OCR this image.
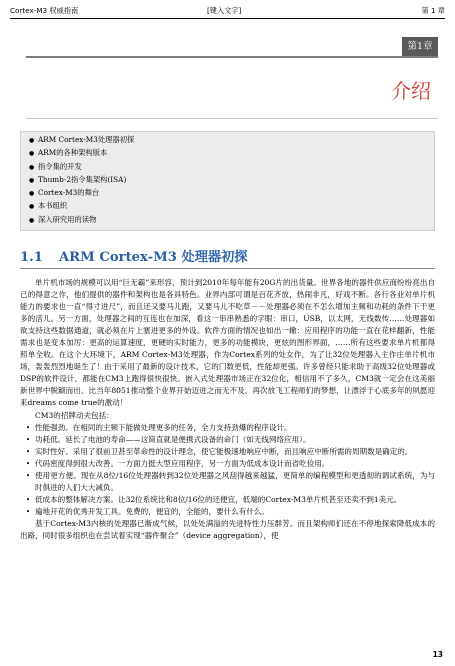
Cortex-M3 权威指南	[键入文字]	第 1 章
第1章
介绍
● ARM Cortex-M3处理器初探
● ARM的各种架构版本
● 指令集的开发
● Thumb-2指令集架构(ISA)
● Cortex-M3的舞台
● 本书组织
● 深入研究用的读物
1.1 ARM Cortex-M3 处理器初探

单片机市场的规模可以用“巨无霸”来形容，预计到2010年每年能有20G片的出货量。世界各地的器件供应商纷纷亮出自己的得意之作，他们提供的器件和架构也是各具特色。业界内部可谓是百花齐放，热闹非凡，好戏不断。各行各业对单片机能力的要求也一直“得寸进尺”，而且还又要马儿跑，又要马儿不吃草－－处理器必须在不怎么增加主频和功耗的条件下干更多的活儿。另一方面，处理器之间的互连也在加深，看这一串串熟悉的字眼：串口，USB，以太网，无线数传……处理器如欲支持这些数据通道，就必须在片上塞进更多的外设。软件方面的情况也如出一辙：应用程序的功能一直在花样翻新，性能需求也是变本加厉：更高的运算速度，更硬的实时能力，更多的功能模块，更炫的图形界面，……所有这些要求单片机都得照单全收。在这个大环境下，ARM Cortex-M3处理器，作为Cortex系列的处女作，为了让32位处理器入主作庄单片机市场，轰轰烈烈地诞生了！由于采用了最新的设计技术，它的门数更低，性能却更强。许多曾经只能求助于高级32位处理器或DSP的软件设计，都能在CM3上跑得很快很快。嵌入式处理器市场正在32位化，相信用不了多久，CM3就一定会在这美丽新世界中脱颖而出。比当年8051推动整个业界开始迈进之而无不及，再次放飞工程师们的梦想，让漂浮于心底多年的夙愿迎来dreams come true的激动！

CM3的招牌动夫包括：

• 性能强劲。在相同的主频下能做处理更多的任务，全力支持劲爆的程序设计。
• 功耗低。延长了电池的寿命——这简直就是便携式设备的命门（如无线网络应用）。
• 实时性好。采用了很前卫甚至革命性的设计理念，使它能极速地响应中断，而且响应中断所需的周期数是确定的。
• 代码密度得到很大改善。一方面力挺大型应用程序，另一方面为低成本设计而省吃俭用。
• 使用更方便。现在从8位/16位处理器转到32位处理器之风刮得越来越猛，更简单的编程模型和更透彻的调试系统，为与时俱进的人们大大减负。
• 低成本的整体解决方案。让32位系统比和8位/16位的还便宜，低端的Cortex-M3单片机甚至还卖不到1美元。
• 遍地开花的优秀开发工具。免费的，便宜的，全能的，要什么有什么。

基于Cortex-M3内核的处理器已渐成气候，以处处满溢的先进特性力压群芳。而且架构师们还在不停地探索降低成本的出路，同时很多组织也在尝试着实现“器件聚合”（device aggregation），使

13
